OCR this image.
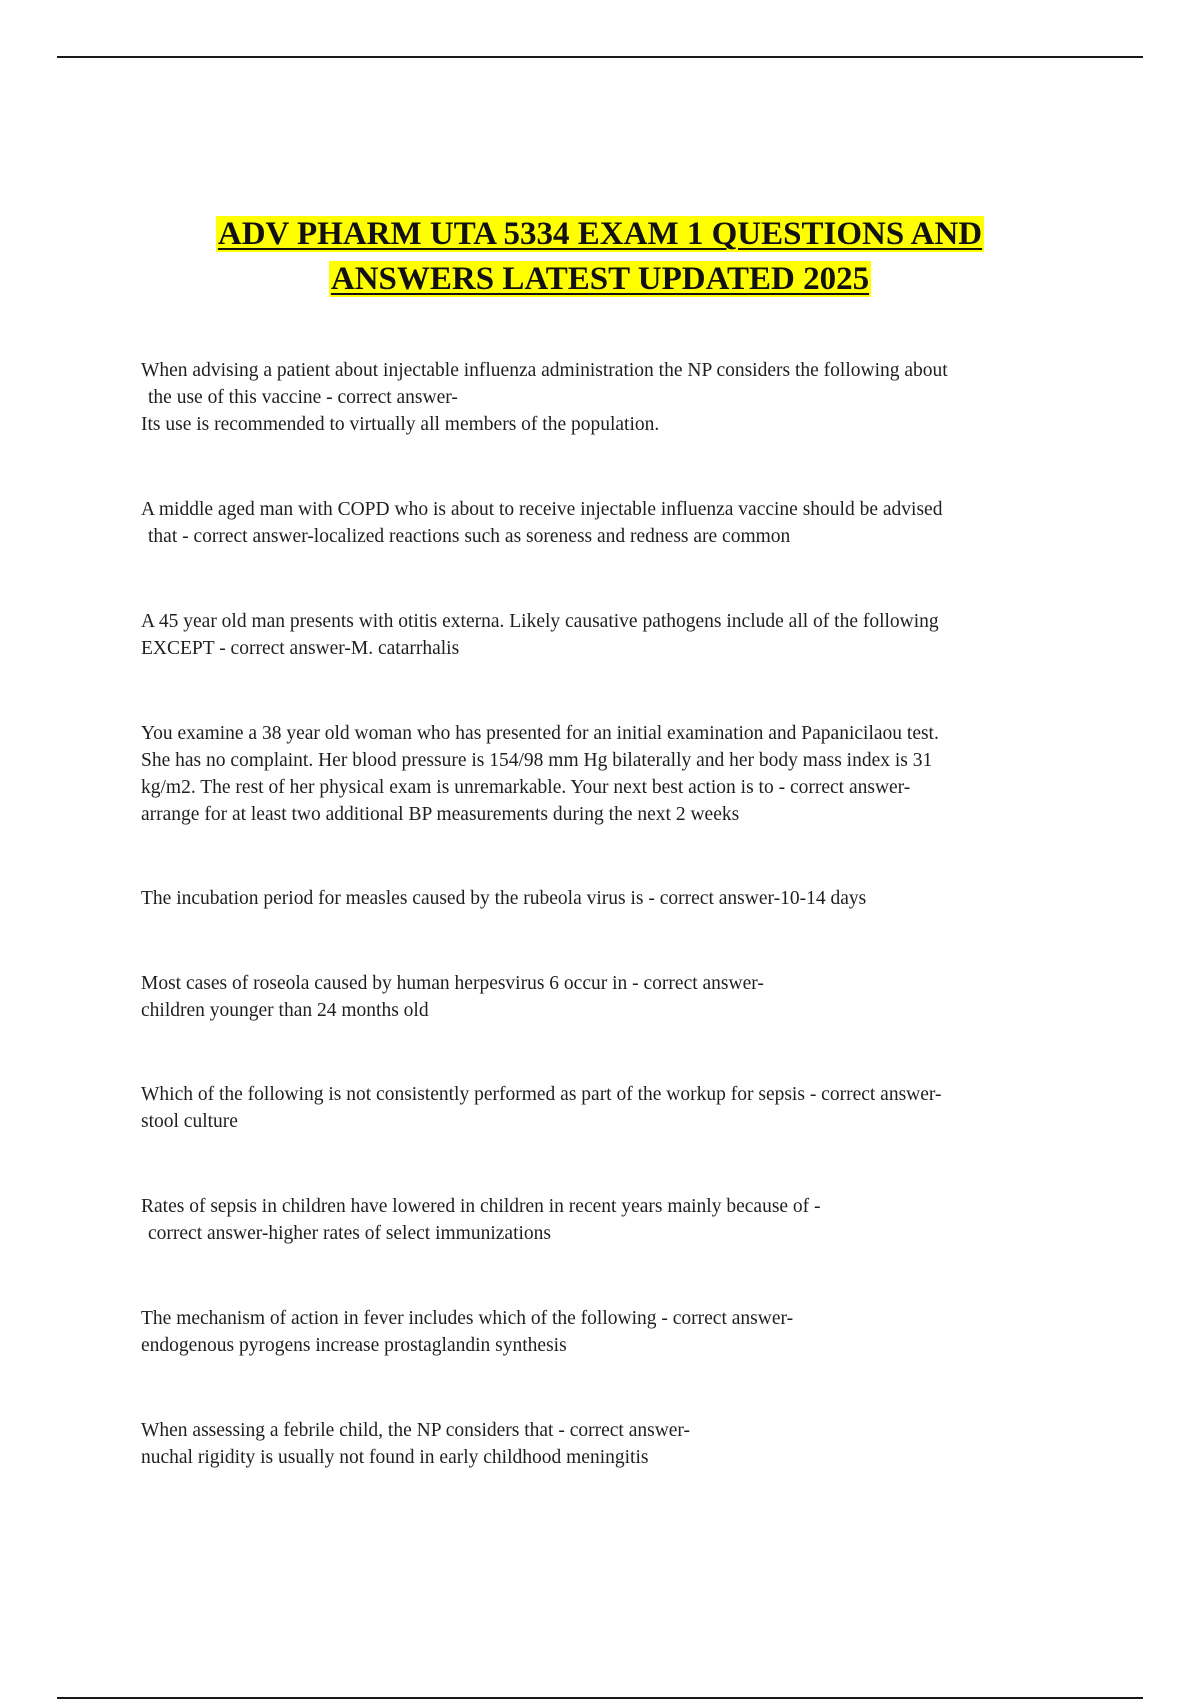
ADV PHARM UTA 5334 EXAM 1 QUESTIONS AND
ANSWERS LATEST UPDATED 2025
When advising a patient about injectable influenza administration the NP considers the following about
the use of this vaccine - correct answer-
Its use is recommended to virtually all members of the population.
A middle aged man with COPD who is about to receive injectable influenza vaccine should be advised
that - correct answer-localized reactions such as soreness and redness are common
A 45 year old man presents with otitis externa. Likely causative pathogens include all of the following
EXCEPT - correct answer-M. catarrhalis
You examine a 38 year old woman who has presented for an initial examination and Papanicilaou test.
She has no complaint. Her blood pressure is 154/98 mm Hg bilaterally and her body mass index is 31
kg/m2. The rest of her physical exam is unremarkable. Your next best action is to - correct answer-
arrange for at least two additional BP measurements during the next 2 weeks
The incubation period for measles caused by the rubeola virus is - correct answer-10-14 days
Most cases of roseola caused by human herpesvirus 6 occur in - correct answer-
children younger than 24 months old
Which of the following is not consistently performed as part of the workup for sepsis - correct answer-
stool culture
Rates of sepsis in children have lowered in children in recent years mainly because of -
correct answer-higher rates of select immunizations
The mechanism of action in fever includes which of the following - correct answer-
endogenous pyrogens increase prostaglandin synthesis
When assessing a febrile child, the NP considers that - correct answer-
nuchal rigidity is usually not found in early childhood meningitis
